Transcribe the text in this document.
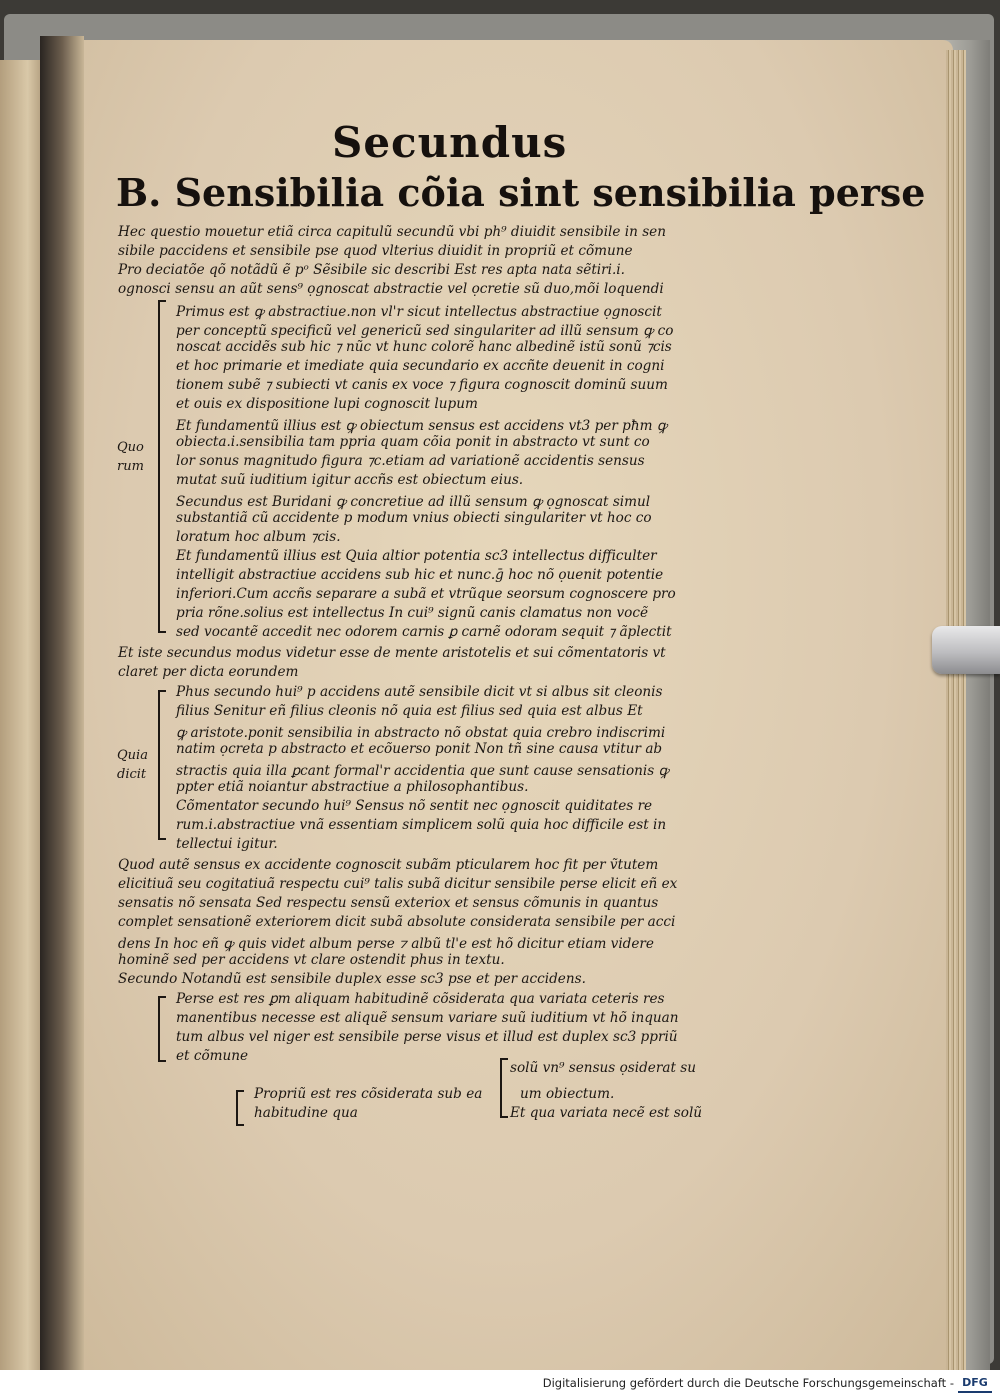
Secundus
B. Sensibilia cõia sint sensibilia perse
Hec questio mouetur etiã circa capitulũ secundũ vbi ph⁹ diuidit sensibile in sen
sibile paccidens et sensibile pse quod vlterius diuidit in propriũ et cõmune
Pro deciatõe qõ notãdũ ẽ pᵒ Sẽsibile sic describi Est res apta nata sẽtiri.i.
ognosci sensu an aũt sens⁹ ọgnoscat abstractie vel ọcretie sũ duo,mõi loquendi
Primus est ꝙ abstractiue.non vl'r sicut intellectus abstractiue ọgnoscit
per conceptũ specificũ vel genericũ sed singulariter ad illũ sensum ꝙ co
noscat accidẽs sub hic ⁊ nũc vt hunc colorẽ hanc albedinẽ istũ sonũ ⁊cis
et hoc primarie et imediate quia secundario ex accñte deuenit in cogni
tionem subẽ ⁊ subiecti vt canis ex voce ⁊ figura cognoscit dominũ suum
et ouis ex dispositione lupi cognoscit lupum
Et fundamentũ illius est ꝙ obiectum sensus est accidens vt3 per pħm ꝙ
obiecta.i.sensibilia tam ppria quam cõia ponit in abstracto vt sunt co
lor sonus magnitudo figura ⁊c.etiam ad variationẽ accidentis sensus
mutat suũ iuditium igitur accñs est obiectum eius.
Secundus est Buridani ꝙ concretiue ad illũ sensum ꝙ ọgnoscat simul
substantiã cũ accidente p modum vnius obiecti singulariter vt hoc co
loratum hoc album ⁊cis.
Et fundamentũ illius est Quia altior potentia sc3 intellectus difficulter
intelligit abstractiue accidens sub hic et nunc.ḡ hoc nõ ọuenit potentie
inferiori.Cum accñs separare a subã et vtrũque seorsum cognoscere pro
pria rõne.solius est intellectus In cui⁹ signũ canis clamatus non vocẽ
sed vocantẽ accedit nec odorem carnis ꝑ carnẽ odoram sequit ⁊ ãplectit
Et iste secundus modus videtur esse de mente aristotelis et sui cõmentatoris vt
claret per dicta eorundem
Phus secundo hui⁹ p accidens autẽ sensibile dicit vt si albus sit cleonis
filius Senitur eñ filius cleonis nõ quia est filius sed quia est albus Et
ꝙ aristote.ponit sensibilia in abstracto nõ obstat quia crebro indiscrimi
natim ọcreta p abstracto et ecõuerso ponit Non tñ sine causa vtitur ab
stractis quia illa ꝑcant formal'r accidentia que sunt cause sensationis ꝙ
ppter etiã noiantur abstractiue a philosophantibus.
Cõmentator secundo hui⁹ Sensus nõ sentit nec ọgnoscit quiditates re
rum.i.abstractiue vnã essentiam simplicem solũ quia hoc difficile est in
tellectui igitur.
Quod autẽ sensus ex accidente cognoscit subãm pticularem hoc fit per ṽtutem
elicitiuã seu cogitatiuã respectu cui⁹ talis subã dicitur sensibile perse elicit eñ ex
sensatis nõ sensata Sed respectu sensũ exteriox et sensus cõmunis in quantus
complet sensationẽ exteriorem dicit subã absolute considerata sensibile per acci
dens In hoc eñ ꝙ quis videt album perse ⁊ albũ tl'e est hõ dicitur etiam videre
hominẽ sed per accidens vt clare ostendit phus in textu.
Secundo Notandũ est sensibile duplex esse sc3 pse et per accidens.
Perse est res ꝑm aliquam habitudinẽ cõsiderata qua variata ceteris res
manentibus necesse est aliquẽ sensum variare suũ iuditium vt hõ inquan
tum albus vel niger est sensibile perse visus et illud est duplex sc3 ppriũ
et cõmune
solũ vn⁹ sensus ọsiderat su
Propriũ est res cõsiderata sub ea	um obiectum.
habitudine qua	Et qua variata necẽ est solũ
Quo
rum
Quia
dicit
Digitalisierung gefördert durch die Deutsche Forschungsgemeinschaft - DFG
